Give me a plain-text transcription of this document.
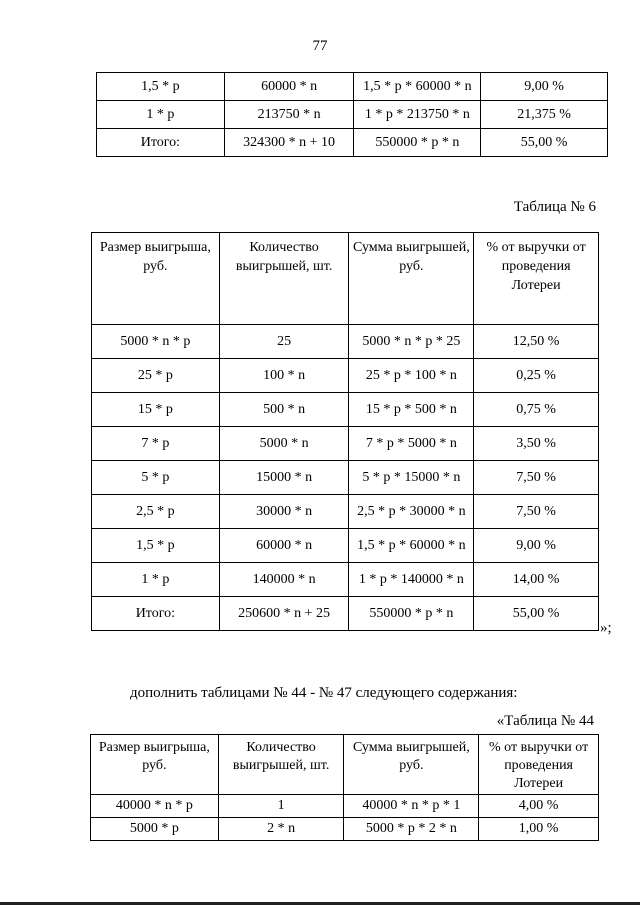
77
1,5 * р	60000 * n	1,5 * р * 60000 * n	9,00 %
1 * р	213750 * n	1 * р * 213750 * n	21,375 %
Итого:	324300 * n + 10	550000 * р * n	55,00 %
Таблица № 6
Размер выигрыша, руб.	Количество выигрышей, шт.	Сумма выигрышей, руб.	% от выручки от проведения Лотереи
5000 * n * р	25	5000 * n * р * 25	12,50 %
25 * р	100 * n	25 * р * 100 * n	0,25 %
15 * р	500 * n	15 * р * 500 * n	0,75 %
7 * р	5000 * n	7 * р * 5000 * n	3,50 %
5 * р	15000 * n	5 * р * 15000 * n	7,50 %
2,5 * р	30000 * n	2,5 * р * 30000 * n	7,50 %
1,5 * р	60000 * n	1,5 * р * 60000 * n	9,00 %
1 * р	140000 * n	1 * р * 140000 * n	14,00 %
Итого:	250600 * n + 25	550000 * р * n	55,00 %
»;
дополнить таблицами № 44 - № 47 следующего содержания:
«Таблица № 44
Размер выигрыша, руб.	Количество выигрышей, шт.	Сумма выигрышей, руб.	% от выручки от проведения Лотереи
40000 * n * р	1	40000 * n * р * 1	4,00 %
5000 * р	2 * n	5000 * р * 2 * n	1,00 %
